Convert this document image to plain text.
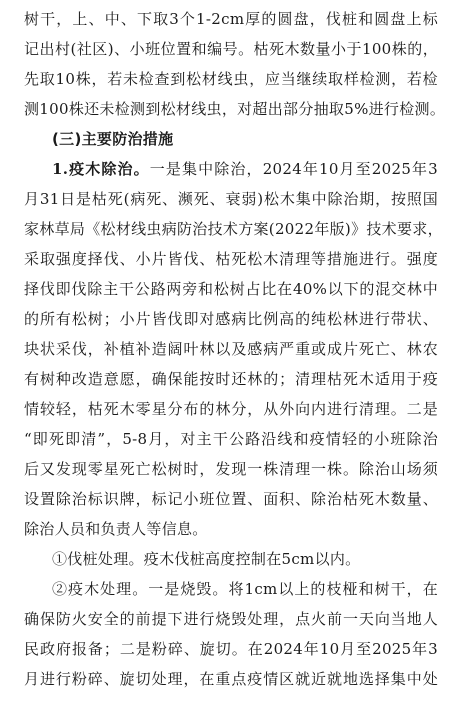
树干，上、中、下取3个1-2cm厚的圆盘，伐桩和圆盘上标
记出村(社区)、小班位置和编号。枯死木数量小于100株的，
先取10株，若未检查到松材线虫，应当继续取样检测，若检
测100株还未检测到松材线虫，对超出部分抽取5%进行检测。
(三)主要防治措施
1.疫木除治。一是集中除治，2024年10月至2025年3
月31日是枯死(病死、濒死、衰弱)松木集中除治期，按照国
家林草局《松材线虫病防治技术方案(2022年版)》技术要求，
采取强度择伐、小片皆伐、枯死松木清理等措施进行。强度
择伐即伐除主干公路两旁和松树占比在40%以下的混交林中
的所有松树；小片皆伐即对感病比例高的纯松林进行带状、
块状采伐，补植补造阔叶林以及感病严重或成片死亡、林农
有树种改造意愿，确保能按时还林的；清理枯死木适用于疫
情较轻，枯死木零星分布的林分，从外向内进行清理。二是
“即死即清”，5-8月，对主干公路沿线和疫情轻的小班除治
后又发现零星死亡松树时，发现一株清理一株。除治山场须
设置除治标识牌，标记小班位置、面积、除治枯死木数量、
除治人员和负责人等信息。
①伐桩处理。疫木伐桩高度控制在5cm以内。
②疫木处理。一是烧毁。将1cm以上的枝桠和树干，在
确保防火安全的前提下进行烧毁处理，点火前一天向当地人
民政府报备；二是粉碎、旋切。在2024年10月至2025年3
月进行粉碎、旋切处理，在重点疫情区就近就地选择集中处
